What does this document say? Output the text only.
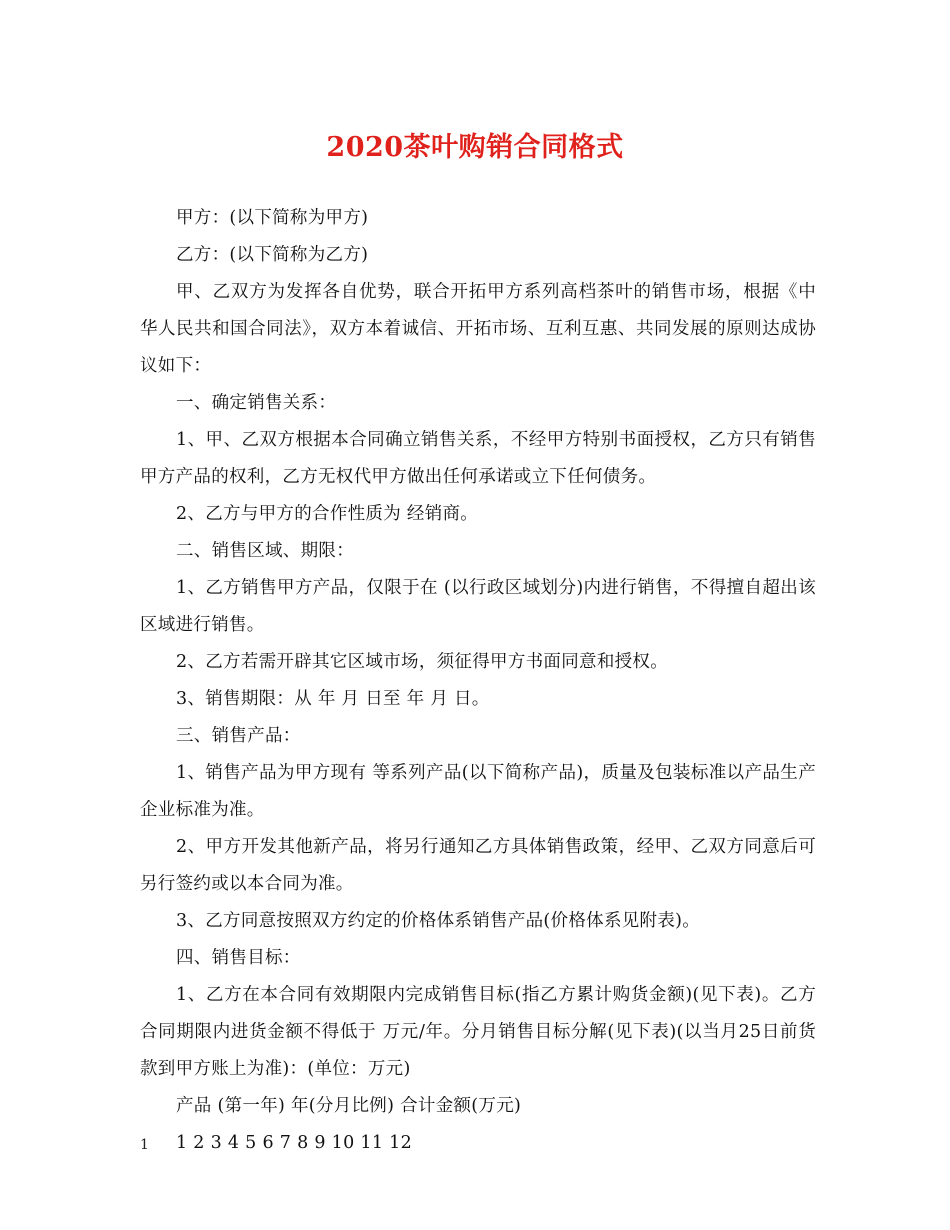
2020茶叶购销合同格式

甲方：(以下简称为甲方)

乙方：(以下简称为乙方)

甲、乙双方为发挥各自优势，联合开拓甲方系列高档茶叶的销售市场，根据《中华人民共和国合同法》，双方本着诚信、开拓市场、互利互惠、共同发展的原则达成协议如下：

一、确定销售关系：

1、甲、乙双方根据本合同确立销售关系，不经甲方特别书面授权，乙方只有销售甲方产品的权利，乙方无权代甲方做出任何承诺或立下任何债务。

2、乙方与甲方的合作性质为 经销商。

二、销售区域、期限：

1、乙方销售甲方产品，仅限于在 (以行政区域划分)内进行销售，不得擅自超出该区域进行销售。

2、乙方若需开辟其它区域市场，须征得甲方书面同意和授权。

3、销售期限：从 年 月 日至 年 月 日。

三、销售产品：

1、销售产品为甲方现有 等系列产品(以下简称产品)，质量及包装标准以产品生产企业标准为准。

2、甲方开发其他新产品，将另行通知乙方具体销售政策，经甲、乙双方同意后可另行签约或以本合同为准。

3、乙方同意按照双方约定的价格体系销售产品(价格体系见附表)。

四、销售目标：

1、乙方在本合同有效期限内完成销售目标(指乙方累计购货金额)(见下表)。乙方合同期限内进货金额不得低于 万元/年。分月销售目标分解(见下表)(以当月25日前货款到甲方账上为准)：(单位：万元)

产品 (第一年) 年(分月比例) 合计金额(万元)

1 2 3 4 5 6 7 8 9 10 11 12

1
